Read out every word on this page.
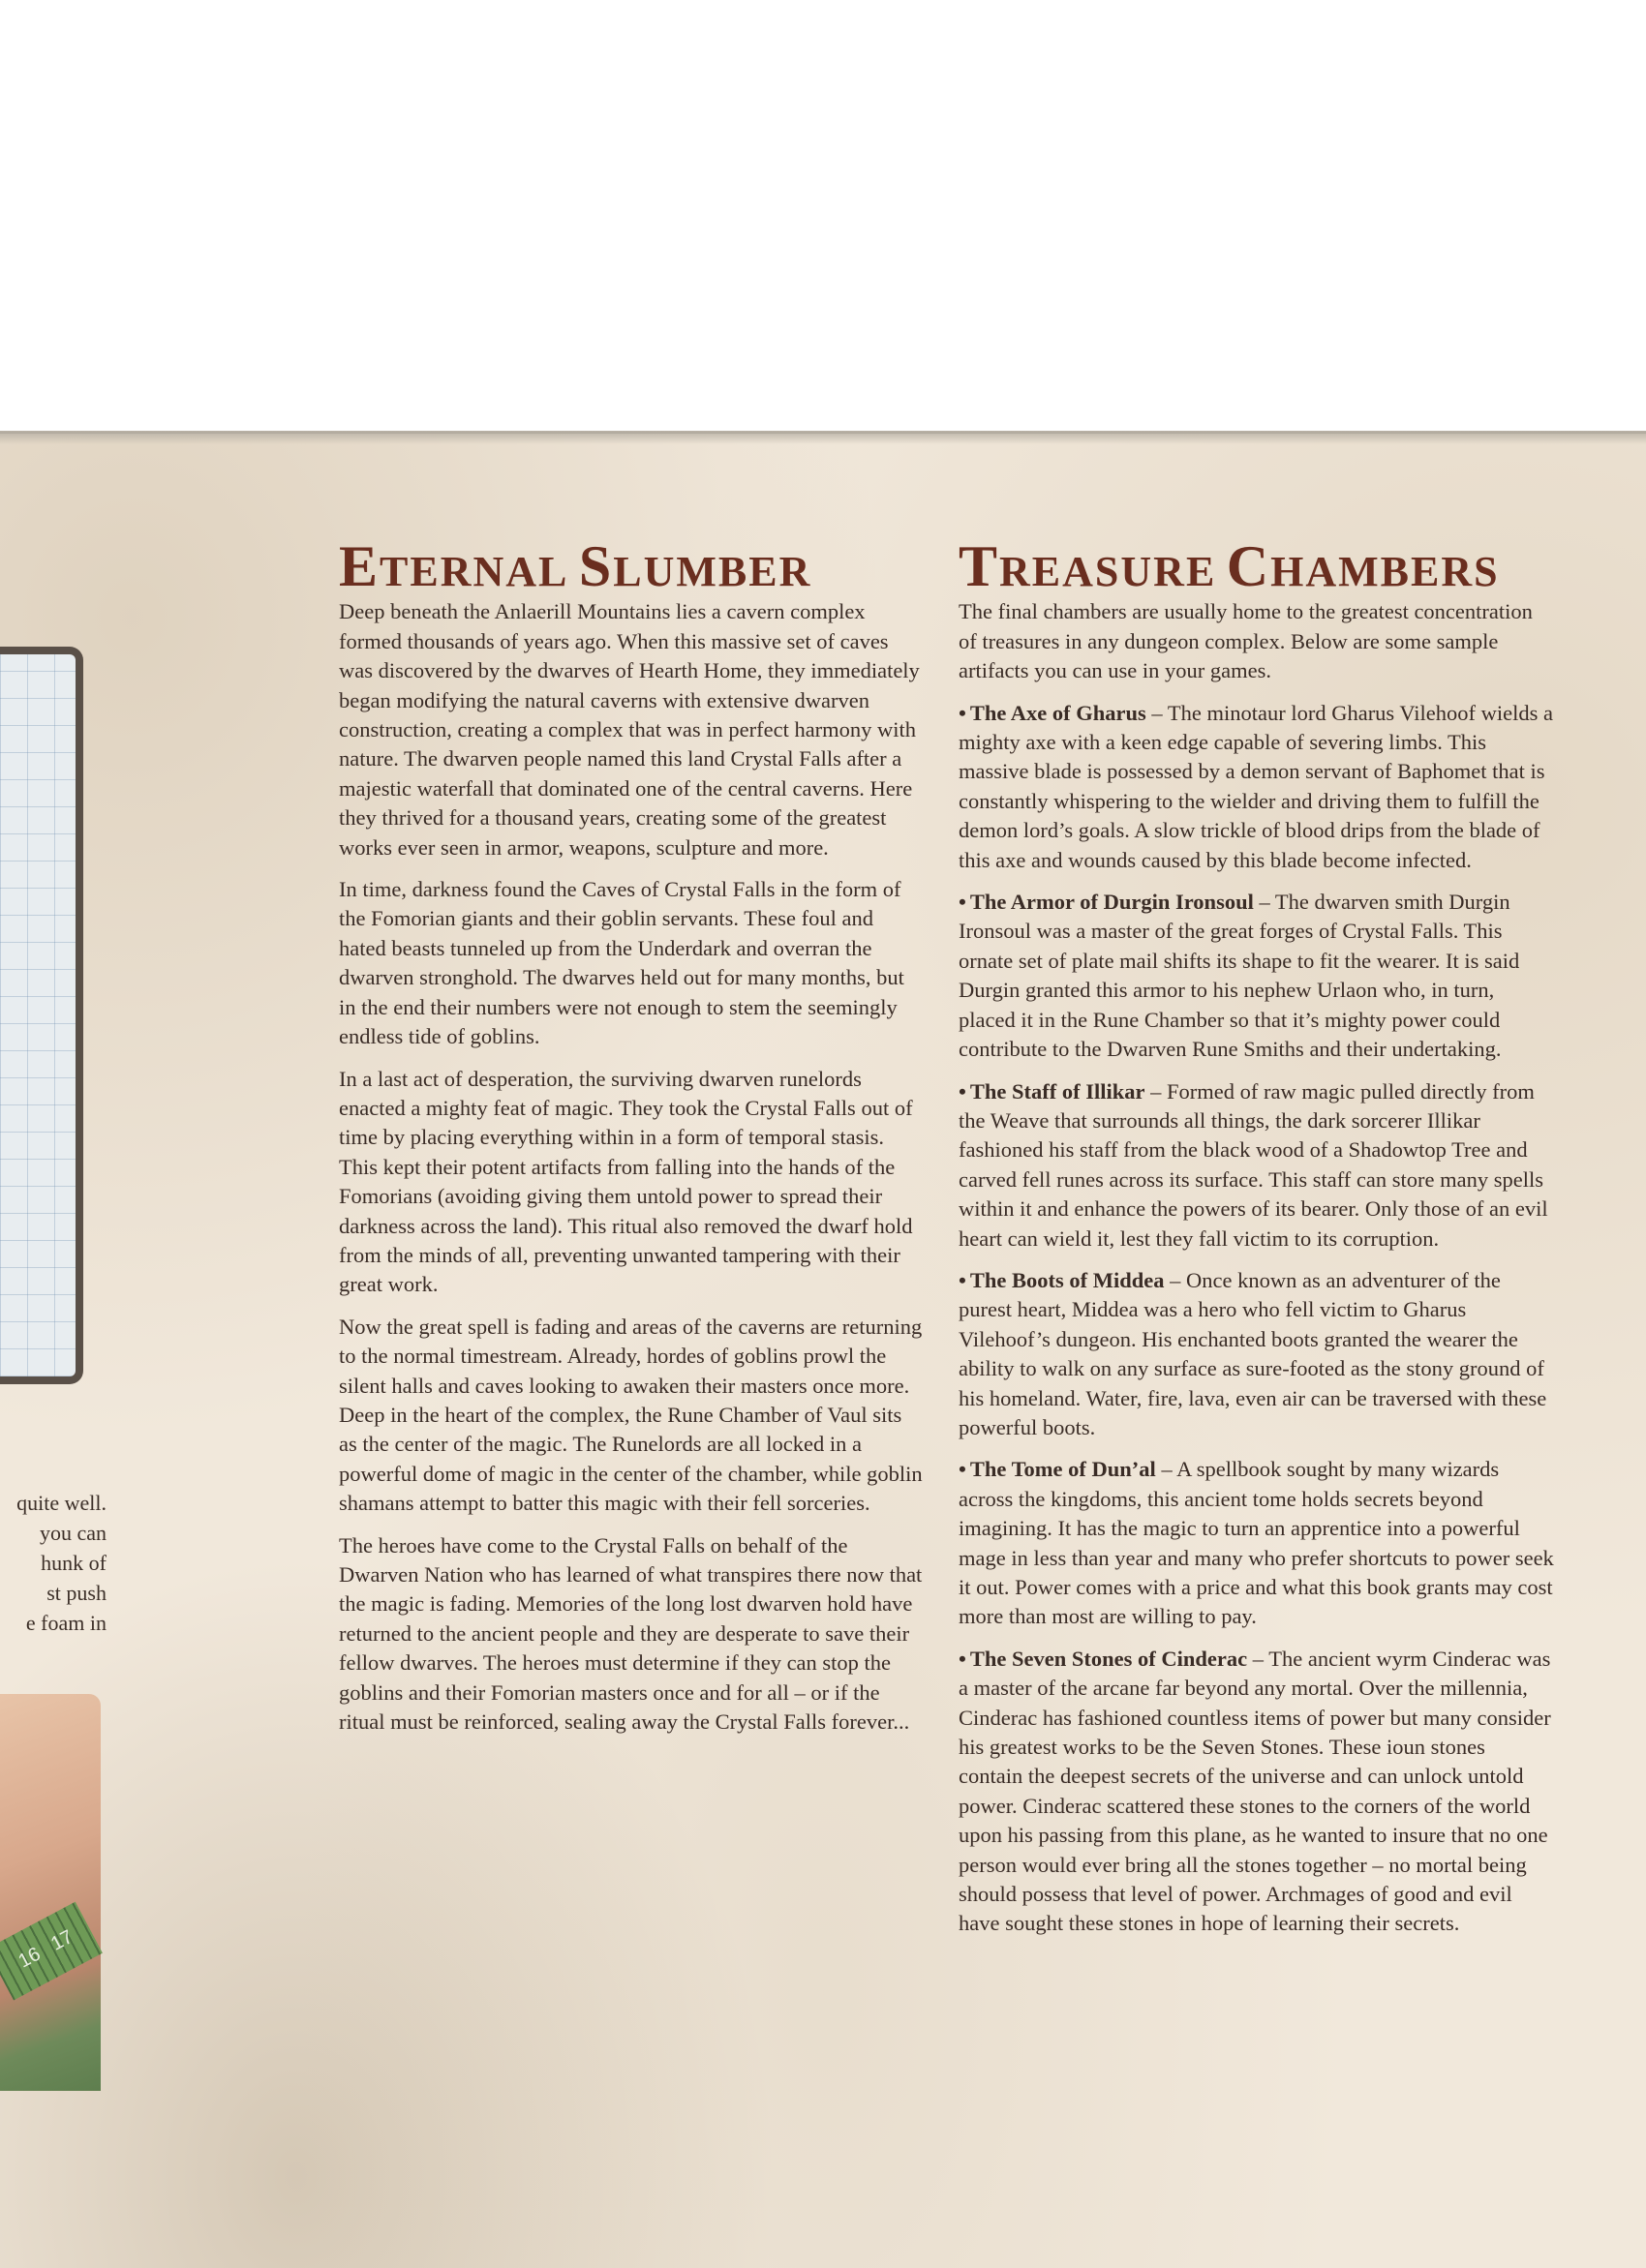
16
17
quite well.
you can
hunk of
st push
e foam in
ETERNAL SLUMBER

Deep beneath the Anlaerill Mountains lies a cavern complex formed thousands of years ago. When this massive set of caves was discovered by the dwarves of Hearth Home, they immediately began modifying the natural caverns with extensive dwarven construction, creating a complex that was in perfect harmony with nature. The dwarven people named this land Crystal Falls after a majestic waterfall that dominated one of the central caverns. Here they thrived for a thousand years, creating some of the greatest works ever seen in armor, weapons, sculpture and more.

In time, darkness found the Caves of Crystal Falls in the form of the Fomorian giants and their goblin servants. These foul and hated beasts tunneled up from the Underdark and overran the dwarven stronghold. The dwarves held out for many months, but in the end their numbers were not enough to stem the seemingly endless tide of goblins.

In a last act of desperation, the surviving dwarven runelords enacted a mighty feat of magic. They took the Crystal Falls out of time by placing everything within in a form of temporal stasis. This kept their potent artifacts from falling into the hands of the Fomorians (avoiding giving them untold power to spread their darkness across the land). This ritual also removed the dwarf hold from the minds of all, preventing unwanted tampering with their great work.

Now the great spell is fading and areas of the caverns are returning to the normal timestream. Already, hordes of goblins prowl the silent halls and caves looking to awaken their masters once more. Deep in the heart of the complex, the Rune Chamber of Vaul sits as the center of the magic. The Runelords are all locked in a powerful dome of magic in the center of the chamber, while goblin shamans attempt to batter this magic with their fell sorceries.

The heroes have come to the Crystal Falls on behalf of the Dwarven Nation who has learned of what transpires there now that the magic is fading. Memories of the long lost dwarven hold have returned to the ancient people and they are desperate to save their fellow dwarves. The heroes must determine if they can stop the goblins and their Fomorian masters once and for all – or if the ritual must be reinforced, sealing away the Crystal Falls forever...

TREASURE CHAMBERS

The final chambers are usually home to the greatest concentration of treasures in any dungeon complex. Below are some sample artifacts you can use in your games.

• The Axe of Gharus – The minotaur lord Gharus Vilehoof wields a mighty axe with a keen edge capable of severing limbs. This massive blade is possessed by a demon servant of Baphomet that is constantly whispering to the wielder and driving them to fulfill the demon lord’s goals. A slow trickle of blood drips from the blade of this axe and wounds caused by this blade become infected.

• The Armor of Durgin Ironsoul – The dwarven smith Durgin Ironsoul was a master of the great forges of Crystal Falls. This ornate set of plate mail shifts its shape to fit the wearer. It is said Durgin granted this armor to his nephew Urlaon who, in turn, placed it in the Rune Chamber so that it’s mighty power could contribute to the Dwarven Rune Smiths and their undertaking.

• The Staff of Illikar – Formed of raw magic pulled directly from the Weave that surrounds all things, the dark sorcerer Illikar fashioned his staff from the black wood of a Shadowtop Tree and carved fell runes across its surface. This staff can store many spells within it and enhance the powers of its bearer. Only those of an evil heart can wield it, lest they fall victim to its corruption.

• The Boots of Middea – Once known as an adventurer of the purest heart, Middea was a hero who fell victim to Gharus Vilehoof’s dungeon. His enchanted boots granted the wearer the ability to walk on any surface as sure-footed as the stony ground of his homeland. Water, fire, lava, even air can be traversed with these powerful boots.

• The Tome of Dun’al – A spellbook sought by many wizards across the kingdoms, this ancient tome holds secrets beyond imagining. It has the magic to turn an apprentice into a powerful mage in less than year and many who prefer shortcuts to power seek it out. Power comes with a price and what this book grants may cost more than most are willing to pay.

• The Seven Stones of Cinderac – The ancient wyrm Cinderac was a master of the arcane far beyond any mortal. Over the millennia, Cinderac has fashioned countless items of power but many consider his greatest works to be the Seven Stones. These ioun stones contain the deepest secrets of the universe and can unlock untold power. Cinderac scattered these stones to the corners of the world upon his passing from this plane, as he wanted to insure that no one person would ever bring all the stones together – no mortal being should possess that level of power. Archmages of good and evil have sought these stones in hope of learning their secrets.
